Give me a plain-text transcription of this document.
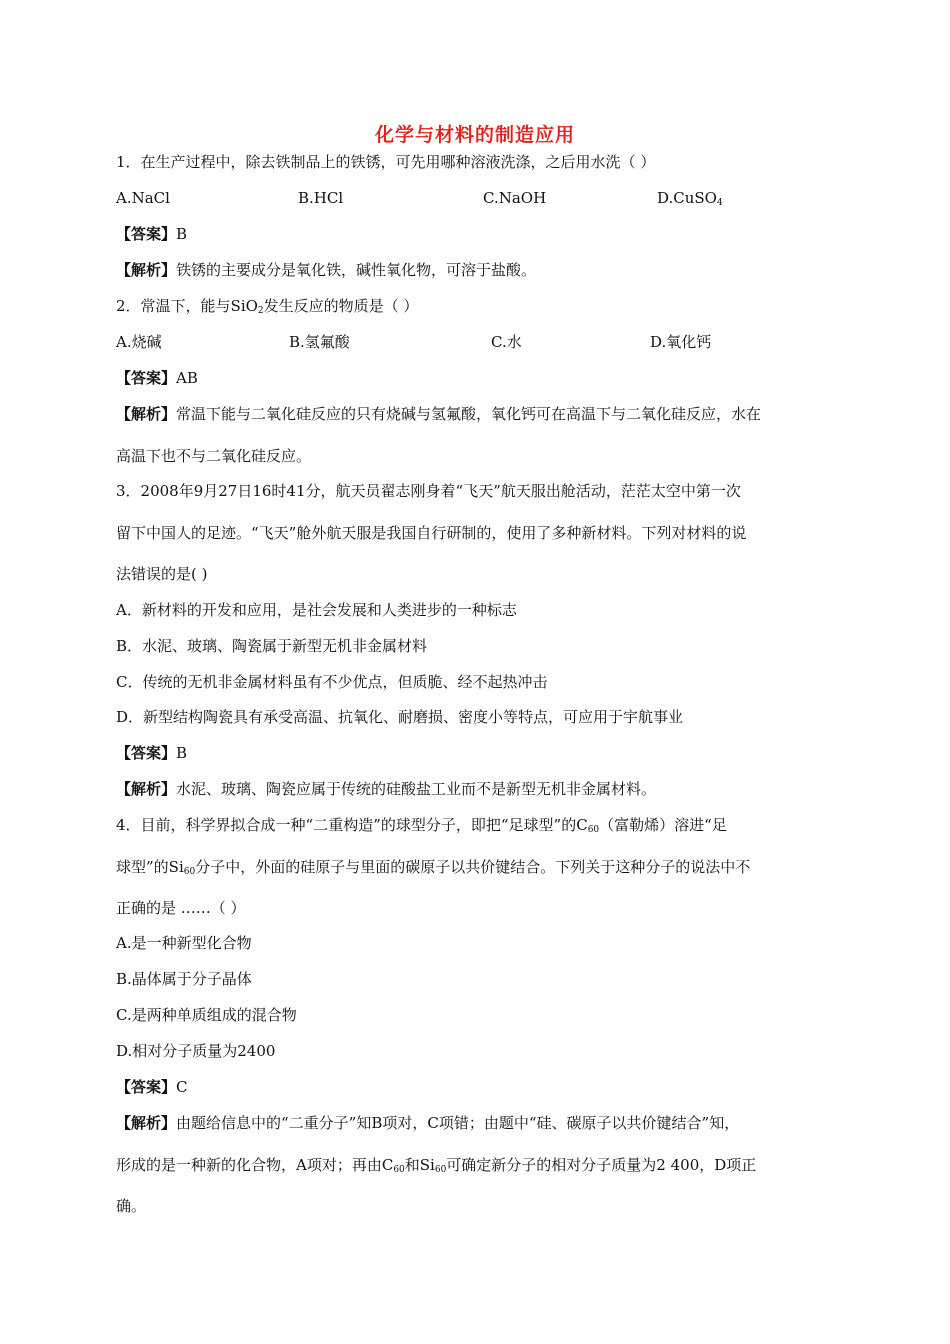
化学与材料的制造应用
1．在生产过程中，除去铁制品上的铁锈，可先用哪种溶液洗涤，之后用水洗（ ）
A.NaCl	B.HCl	C.NaOH	D.CuSO$_4$
【答案】B
【解析】铁锈的主要成分是氧化铁，碱性氧化物，可溶于盐酸。
2．常温下，能与SiO$_2$发生反应的物质是（ ）
A.烧碱	B.氢氟酸	C.水	D.氧化钙
【答案】AB
【解析】常温下能与二氧化硅反应的只有烧碱与氢氟酸，氧化钙可在高温下与二氧化硅反应，水在
高温下也不与二氧化硅反应。
3．2008年9月27日16时41分，航天员翟志刚身着“飞天”航天服出舱活动，茫茫太空中第一次
留下中国人的足迹。“飞天”舱外航天服是我国自行研制的，使用了多种新材料。下列对材料的说
法错误的是( )
A．新材料的开发和应用，是社会发展和人类进步的一种标志
B．水泥、玻璃、陶瓷属于新型无机非金属材料
C．传统的无机非金属材料虽有不少优点，但质脆、经不起热冲击
D．新型结构陶瓷具有承受高温、抗氧化、耐磨损、密度小等特点，可应用于宇航事业
【答案】B
【解析】水泥、玻璃、陶瓷应属于传统的硅酸盐工业而不是新型无机非金属材料。
4．目前，科学界拟合成一种“二重构造”的球型分子，即把“足球型”的$C_{60}$（富勒烯）溶进“足
球型”的$Si_{60}$分子中，外面的硅原子与里面的碳原子以共价键结合。下列关于这种分子的说法中不
正确的是 ……（ ）
A.是一种新型化合物
B.晶体属于分子晶体
C.是两种单质组成的混合物
D.相对分子质量为2400
【答案】C
【解析】由题给信息中的“二重分子”知B项对，C项错；由题中“硅、碳原子以共价键结合”知，
形成的是一种新的化合物，A项对；再由$C_{60}$和$Si_{60}$可确定新分子的相对分子质量为2 400，D项正
确。
